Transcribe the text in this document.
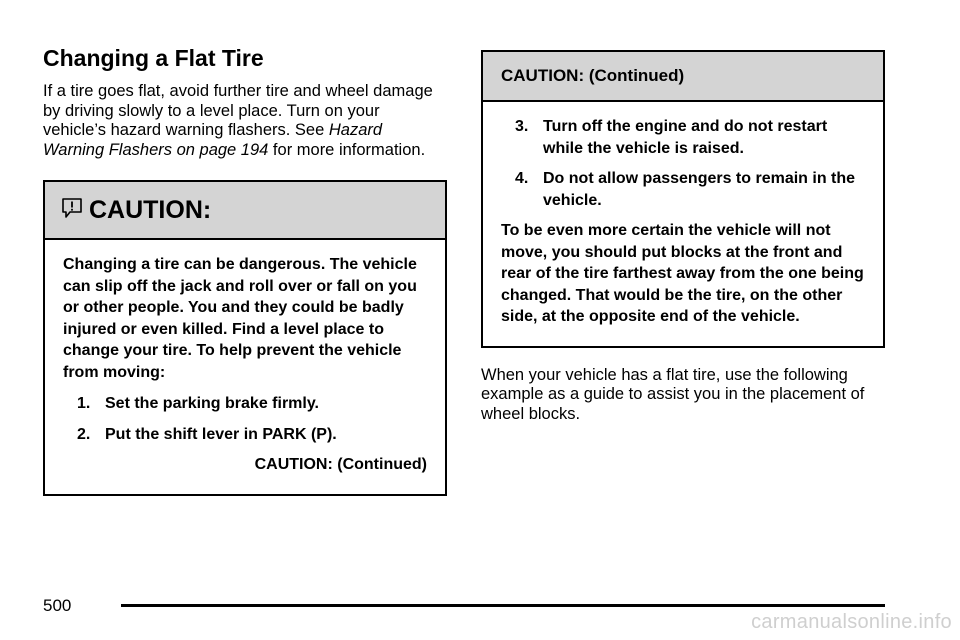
Changing a Flat Tire

If a tire goes flat, avoid further tire and wheel damage by driving slowly to a level place. Turn on your vehicle’s hazard warning flashers. See Hazard Warning Flashers on page 194 for more information.

CAUTION:

Changing a tire can be dangerous. The vehicle can slip off the jack and roll over or fall on you or other people. You and they could be badly injured or even killed. Find a level place to change your tire. To help prevent the vehicle from moving:

1. Set the parking brake firmly.
2. Put the shift lever in PARK (P).
CAUTION: (Continued)
CAUTION: (Continued)
3. Turn off the engine and do not restart while the vehicle is raised.
4. Do not allow passengers to remain in the vehicle.

To be even more certain the vehicle will not move, you should put blocks at the front and rear of the tire farthest away from the one being changed. That would be the tire, on the other side, at the opposite end of the vehicle.

When your vehicle has a flat tire, use the following example as a guide to assist you in the placement of wheel blocks.

500
carmanualsonline.info
